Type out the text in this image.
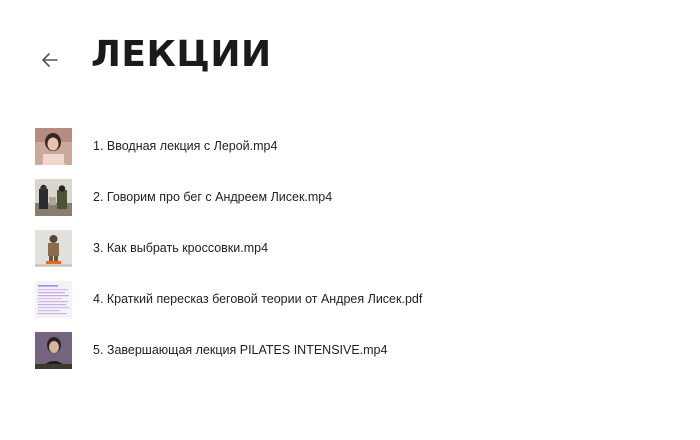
ЛЕКЦИИ
1. Вводная лекция с Лерой.mp4
2. Говорим про бег с Андреем Лисек.mp4
3. Как выбрать кроссовки.mp4
4. Краткий пересказ беговой теории от Андрея Лисек.pdf
5. Завершающая лекция PILATES INTENSIVE.mp4
